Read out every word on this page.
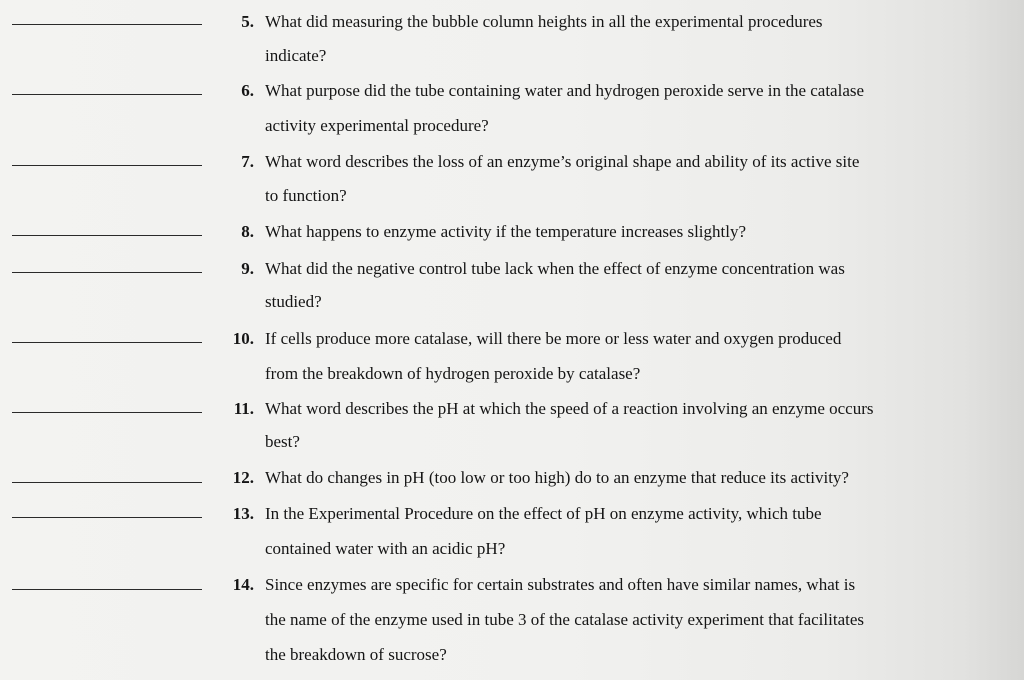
5. What did measuring the bubble column heights in all the experimental procedures
indicate?
6. What purpose did the tube containing water and hydrogen peroxide serve in the catalase
activity experimental procedure?
7. What word describes the loss of an enzyme’s original shape and ability of its active site
to function?
8. What happens to enzyme activity if the temperature increases slightly?
9. What did the negative control tube lack when the effect of enzyme concentration was
studied?
10. If cells produce more catalase, will there be more or less water and oxygen produced
from the breakdown of hydrogen peroxide by catalase?
11. What word describes the pH at which the speed of a reaction involving an enzyme occurs
best?
12. What do changes in pH (too low or too high) do to an enzyme that reduce its activity?
13. In the Experimental Procedure on the effect of pH on enzyme activity, which tube
contained water with an acidic pH?
14. Since enzymes are specific for certain substrates and often have similar names, what is
the name of the enzyme used in tube 3 of the catalase activity experiment that facilitates
the breakdown of sucrose?
